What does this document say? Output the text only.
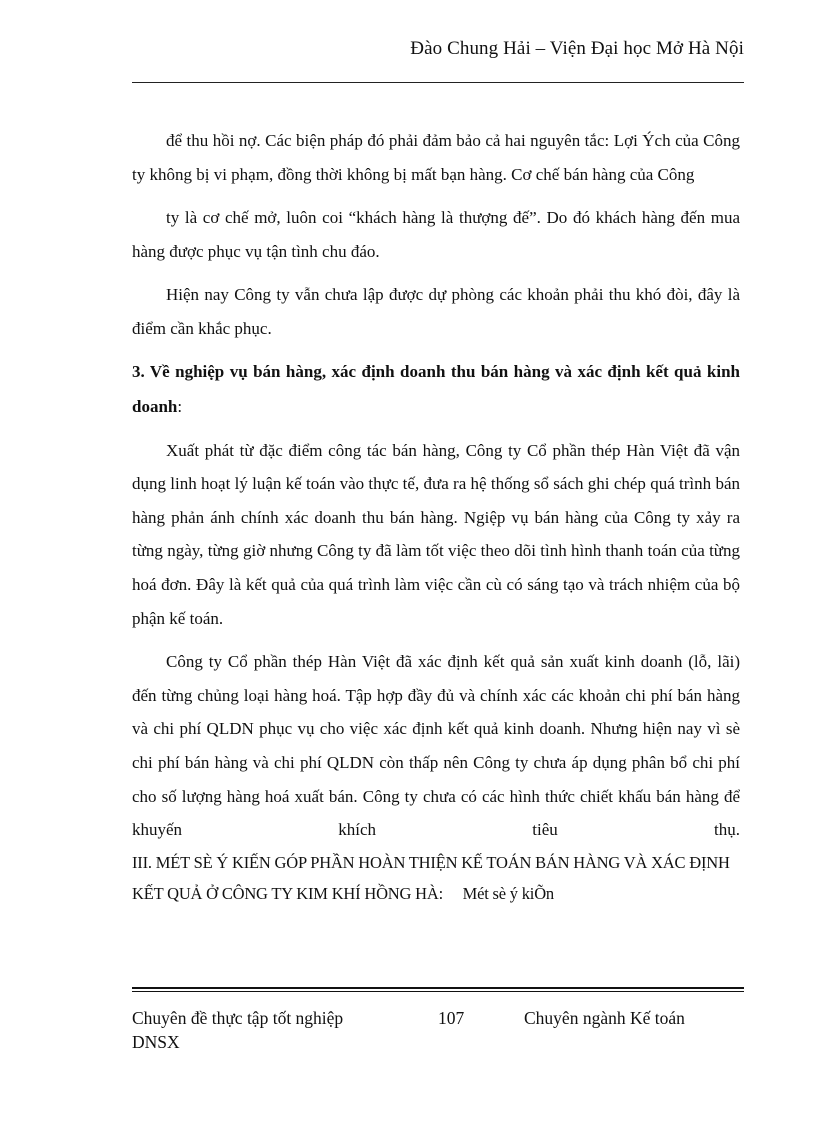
Đào Chung Hải – Viện Đại học Mở Hà Nội

để thu hồi nợ. Các biện pháp đó phải đảm bảo cả hai nguyên tắc: Lợi Ých của Công ty không bị vi phạm, đồng thời không bị mất bạn hàng. Cơ chế bán hàng của Công

ty là cơ chế mở, luôn coi “khách hàng là thượng đế”. Do đó khách hàng đến mua hàng được phục vụ tận tình chu đáo.

Hiện nay Công ty vẫn chưa lập được dự phòng các khoản phải thu khó đòi, đây là điểm cần khắc phục.

3. Về nghiệp vụ bán hàng, xác định doanh thu bán hàng và xác định kết quả kinh doanh:

Xuất phát từ đặc điểm công tác bán hàng, Công ty Cổ phần thép Hàn Việt đã vận dụng linh hoạt lý luận kế toán vào thực tế, đưa ra hệ thống sổ sách ghi chép quá trình bán hàng phản ánh chính xác doanh thu bán hàng. Ngiệp vụ bán hàng của Công ty xảy ra từng ngày, từng giờ nhưng Công ty đã làm tốt việc theo dõi tình hình thanh toán của từng hoá đơn. Đây là kết quả của quá trình làm việc cần cù có sáng tạo và trách nhiệm của bộ phận kế toán.

Công ty Cổ phần thép Hàn Việt đã xác định kết quả sản xuất kinh doanh (lỗ, lãi) đến từng chủng loại hàng hoá. Tập hợp đầy đủ và chính xác các khoản chi phí bán hàng và chi phí QLDN phục vụ cho việc xác định kết quả kinh doanh. Nhưng hiện nay vì sè chi phí bán hàng và chi phí QLDN còn thấp nên Công ty chưa áp dụng phân bổ chi phí cho số lượng hàng hoá xuất bán. Công ty chưa có các hình thức chiết khấu bán hàng để khuyến khích tiêu thụ.

III. MÉT SÈ Ý KIẾN GÓP PHẦN HOÀN THIỆN KẾ TOÁN BÁN HÀNG VÀ XÁC ĐỊNH KẾT QUẢ Ở CÔNG TY KIM KHÍ HỒNG HÀ: Mét sè ý kiÕn

Chuyên đề thực tập tốt nghiệp DNSX
107	Chuyên ngành Kế toán
